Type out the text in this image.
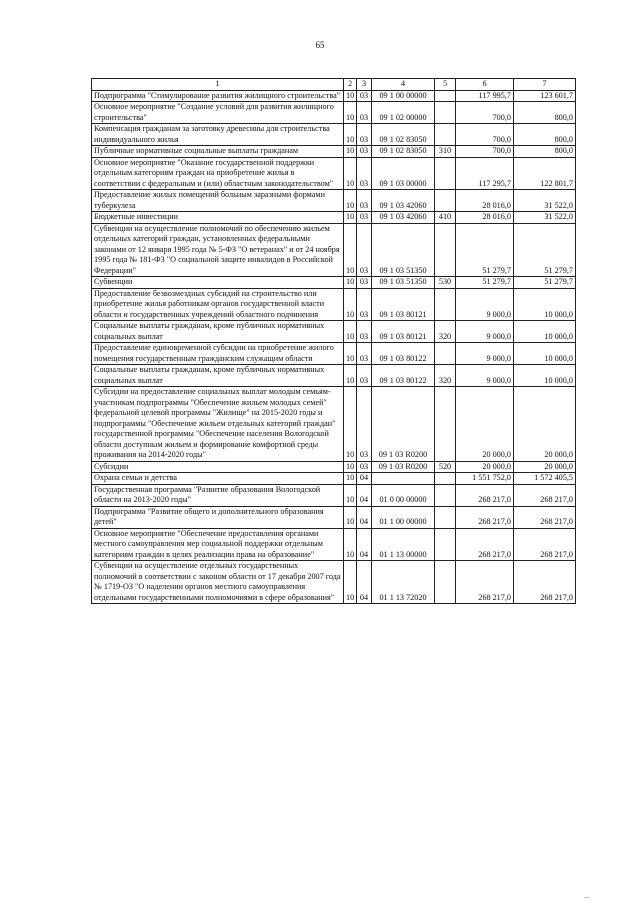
65
1	2	3	4	5	6	7
Подпрограмма "Стимулирование развития жилищного строительства"	10	03	09 1 00 00000		117 995,7	123 601,7
Основное мероприятие "Создание условий для развития жилищного строительства"	10	03	09 1 02 00000		700,0	800,0
Компенсация гражданам за заготовку древесины для строительства индивидуального жилья	10	03	09 1 02 83050		700,0	800,0
Публичные нормативные социальные выплаты гражданам	10	03	09 1 02 83050	310	700,0	800,0
Основное мероприятие "Оказание государственной поддержки отдельным категориям граждан на приобретение жилья в соответствии с федеральным и (или) областным законодательством"	10	03	09 1 03 00000		117 295,7	122 801,7
Предоставление жилых помещений больным заразными формами туберкулеза	10	03	09 1 03 42060		28 016,0	31 522,0
Бюджетные инвестиции	10	03	09 1 03 42060	410	28 016,0	31 522,0
Субвенции на осуществление полномочий по обеспечению жильем отдельных категорий граждан, установленных федеральными законами от 12 января 1995 года № 5-ФЗ "О ветеранах" и от 24 ноября 1995 года № 181-ФЗ "О социальной защите инвалидов в Российской Федерации"	10	03	09 1 03 51350		51 279,7	51 279,7
Субвенции	10	03	09 1 03 51350	530	51 279,7	51 279,7
Предоставление безвозмездных субсидий на строительство или приобретение жилья работникам органов государственной власти области и государственных учреждений областного подчинения	10	03	09 1 03 80121		9 000,0	10 000,0
Социальные выплаты гражданам, кроме публичных нормативных социальных выплат	10	03	09 1 03 80121	320	9 000,0	10 000,0
Предоставление единовременной субсидии на приобретение жилого помещения государственным гражданским служащим области	10	03	09 1 03 80122		9 000,0	10 000,0
Социальные выплаты гражданам, кроме публичных нормативных социальных выплат	10	03	09 1 03 80122	320	9 000,0	10 000,0
Субсидии на предоставление социальных выплат молодым семьям-участникам подпрограммы "Обеспечение жильем молодых семей" федеральной целевой программы "Жилище" на 2015-2020 годы и подпрограммы "Обеспечение жильем отдельных категорий граждан" государственной программы "Обеспечение населения Вологодской области доступным жильем и формирование комфортной среды проживания на 2014-2020 годы"	10	03	09 1 03 R0200		20 000,0	20 000,0
Субсидии	10	03	09 1 03 R0200	520	20 000,0	20 000,0
Охрана семьи и детства	10	04			1 551 752,0	1 572 405,5
Государственная программа "Развитие образования Вологодской области на 2013-2020 годы"	10	04	01 0 00 00000		268 217,0	268 217,0
Подпрограмма "Развитие общего и дополнительного образования детей"	10	04	01 1 00 00000		268 217,0	268 217,0
Основное мероприятие "Обеспечение предоставления органами местного самоуправления мер социальной поддержки отдельным категориям граждан в целях реализации права на образование"	10	04	01 1 13 00000		268 217,0	268 217,0
Субвенции на осуществление отдельных государственных полномочий в соответствии с законом области от 17 декабря 2007 года № 1719-ОЗ "О наделении органов местного самоуправления отдельными государственными полномочиями в сфере образования"	10	04	01 1 13 72020		268 217,0	268 217,0
—
